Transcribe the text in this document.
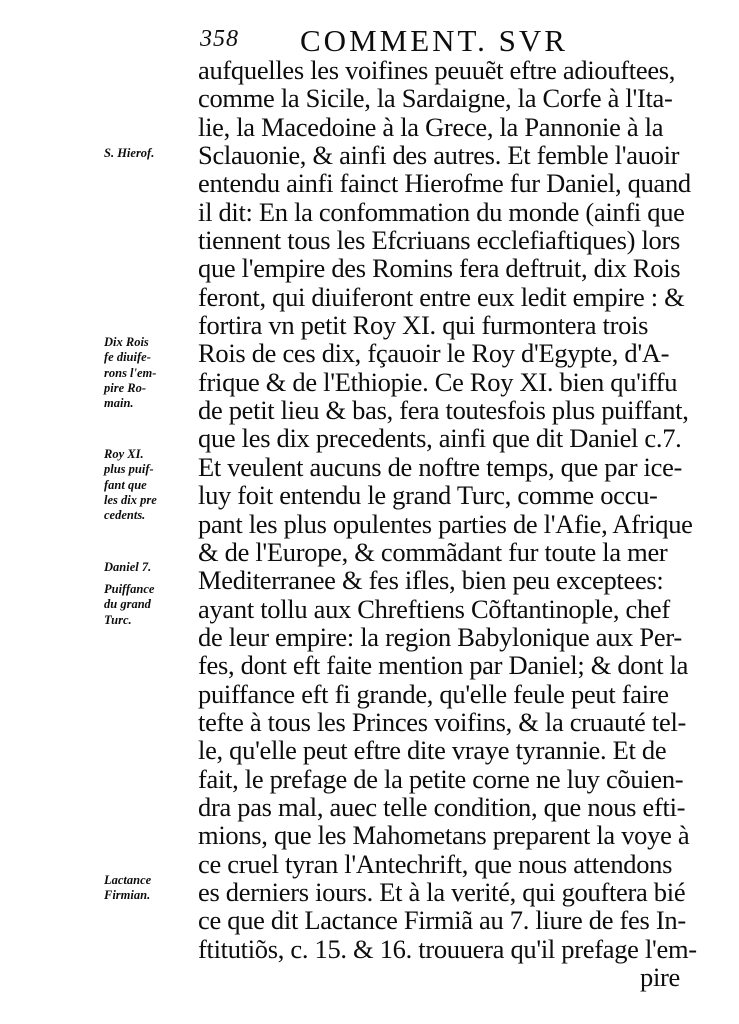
358 COMMENT. SVR
aufquelles les voifines peuuẽt eftre adiouftees,
comme la Sicile, la Sardaigne, la Corfe à l'Ita-
lie, la Macedoine à la Grece, la Pannonie à la
Sclauonie, & ainfi des autres. Et femble l'auoir
entendu ainfi fainct Hierofme fur Daniel, quand
il dit: En la confommation du monde (ainfi que
tiennent tous les Efcriuans ecclefiaftiques) lors
que l'empire des Romins fera deftruit, dix Rois
feront, qui diuiferont entre eux ledit empire : &
fortira vn petit Roy XI. qui furmontera trois
Rois de ces dix, fçauoir le Roy d'Egypte, d'A-
frique & de l'Ethiopie. Ce Roy XI. bien qu'iffu
de petit lieu & bas, fera toutesfois plus puiffant,
que les dix precedents, ainfi que dit Daniel c.7.
Et veulent aucuns de noftre temps, que par ice-
luy foit entendu le grand Turc, comme occu-
pant les plus opulentes parties de l'Afie, Afrique
& de l'Europe, & commãdant fur toute la mer
Mediterranee & fes ifles, bien peu exceptees:
ayant tollu aux Chreftiens Cõftantinople, chef
de leur empire: la region Babylonique aux Per-
fes, dont eft faite mention par Daniel; & dont la
puiffance eft fi grande, qu'elle feule peut faire
tefte à tous les Princes voifins, & la cruauté tel-
le, qu'elle peut eftre dite vraye tyrannie. Et de
fait, le prefage de la petite corne ne luy cõuien-
dra pas mal, auec telle condition, que nous efti-
mions, que les Mahometans preparent la voye à
ce cruel tyran l'Antechrift, que nous attendons
es derniers iours. Et à la verité, qui goufterа bié
ce que dit Lactance Firmiã au 7. liure de fes In-
ftitutiõs, c. 15. & 16. trouuera qu'il prefage l'em-
pire
S. Hierof.
Dix Rois
fe diuife-
rons l'em-
pire Ro-
main.
Roy XI.
plus puif-
fant que
les dix pre
cedents.
Daniel 7.
Puiffance
du grand
Turc.
Lactance
Firmian.
